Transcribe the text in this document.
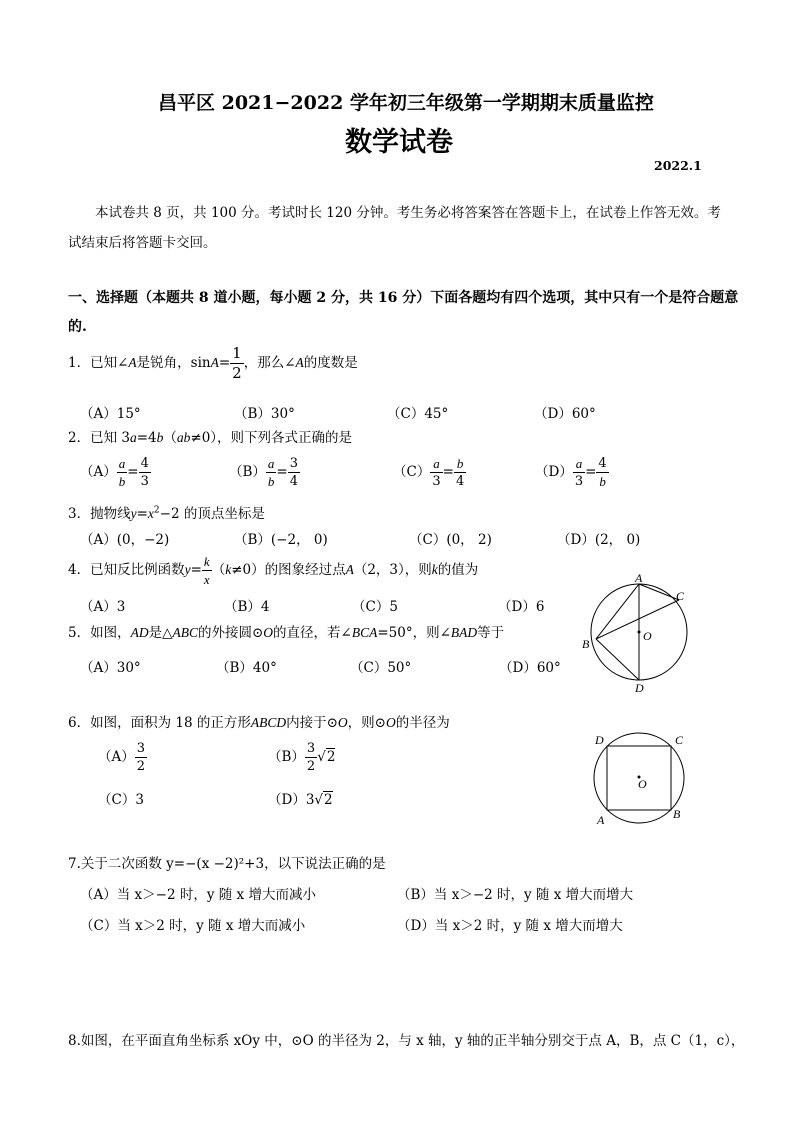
昌平区 2021−2022 学年初三年级第一学期期末质量监控
数学试卷
2022.1
本试卷共 8 页，共 100 分。考试时长 120 分钟。考生务必将答案答在答题卡上，在试卷上作答无效。考
试结束后将答题卡交回。
一、选择题（本题共 8 道小题，每小题 2 分，共 16 分）下面各题均有四个选项，其中只有一个是符合题意
的.
1．已知∠A是锐角，$\sin A= \frac{1}{2}$ ，那么∠A的度数是
（A）15°	（B）30°	（C）45°	（D）60°
2．已知 3a=4b（ab≠0），则下列各式正确的是
$(A) \frac{a}{b} = \frac{4}{3}$	$(B) \frac{a}{b} = \frac{3}{4}$	$(C) \frac{a}{3} = \frac{b}{4}$	$(D) \frac{a}{3} = \frac{4}{b}$
3．抛物线$y=x^2-2$ 的顶点坐标是
（A）(0，−2)	（B）(−2， 0)	（C）(0， 2)	（D）(2， 0)
4．已知反比例函数$y= \frac{k}{x} (k\ne 0)$的图象经过点A（2，3），则k的值为
（A）3	（B）4	（C）5	（D）6
5．如图，AD是△ABC的外接圆⊙O的直径，若∠BCA=50°，则∠BAD等于
（A）30°	（B）40°	（C）50°	（D）60°
A
C
B
O
D
6．如图，面积为 18 的正方形ABCD内接于⊙O，则⊙O的半径为
$(A) \frac{3}{2}$	$(B) \frac{3}{2} √2$
（C）3	（D）3√2
D	C
A	B
O
7.关于二次函数 y=−(x −2)²+3，以下说法正确的是
（A）当 x＞−2 时，y 随 x 增大而减小	（B）当 x＞−2 时，y 随 x 增大而增大
（C）当 x＞2 时，y 随 x 增大而减小	（D）当 x＞2 时，y 随 x 增大而增大
8.如图，在平面直角坐标系 xOy 中，⊙O 的半径为 2，与 x 轴，y 轴的正半轴分别交于点 A，B，点 C（1，c），
